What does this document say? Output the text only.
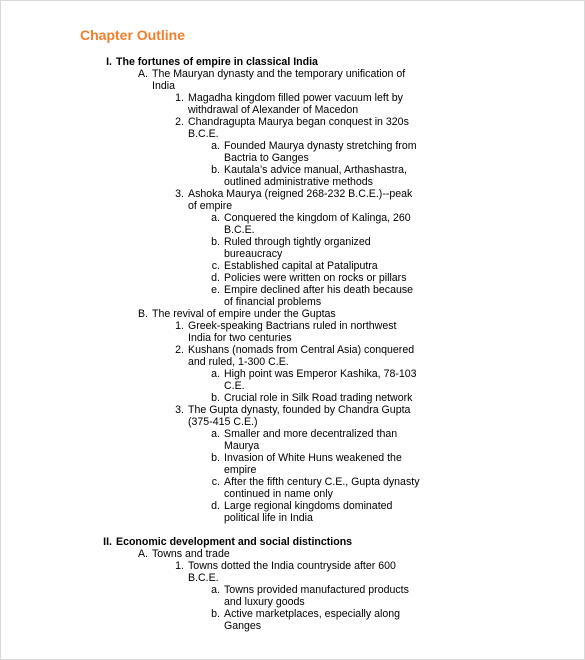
Chapter Outline
I. The fortunes of empire in classical India
A. The Mauryan dynasty and the temporary unification of India
1. Magadha kingdom filled power vacuum left by withdrawal of Alexander of Macedon
2. Chandragupta Maurya began conquest in 320s B.C.E.
a. Founded Maurya dynasty stretching from Bactria to Ganges
b. Kautala’s advice manual, Arthashastra, outlined administrative methods
3. Ashoka Maurya (reigned 268-232 B.C.E.)--peak of empire
a. Conquered the kingdom of Kalinga, 260 B.C.E.
b. Ruled through tightly organized bureaucracy
c. Established capital at Pataliputra
d. Policies were written on rocks or pillars
e. Empire declined after his death because of financial problems
B. The revival of empire under the Guptas
1. Greek-speaking Bactrians ruled in northwest India for two centuries
2. Kushans (nomads from Central Asia) conquered and ruled, 1-300 C.E.
a. High point was Emperor Kashika, 78-103 C.E.
b. Crucial role in Silk Road trading network
3. The Gupta dynasty, founded by Chandra Gupta (375-415 C.E.)
a. Smaller and more decentralized than Maurya
b. Invasion of White Huns weakened the empire
c. After the fifth century C.E., Gupta dynasty continued in name only
d. Large regional kingdoms dominated political life in India
II. Economic development and social distinctions
A. Towns and trade
1. Towns dotted the India countryside after 600 B.C.E.
a. Towns provided manufactured products and luxury goods
b. Active marketplaces, especially along Ganges
